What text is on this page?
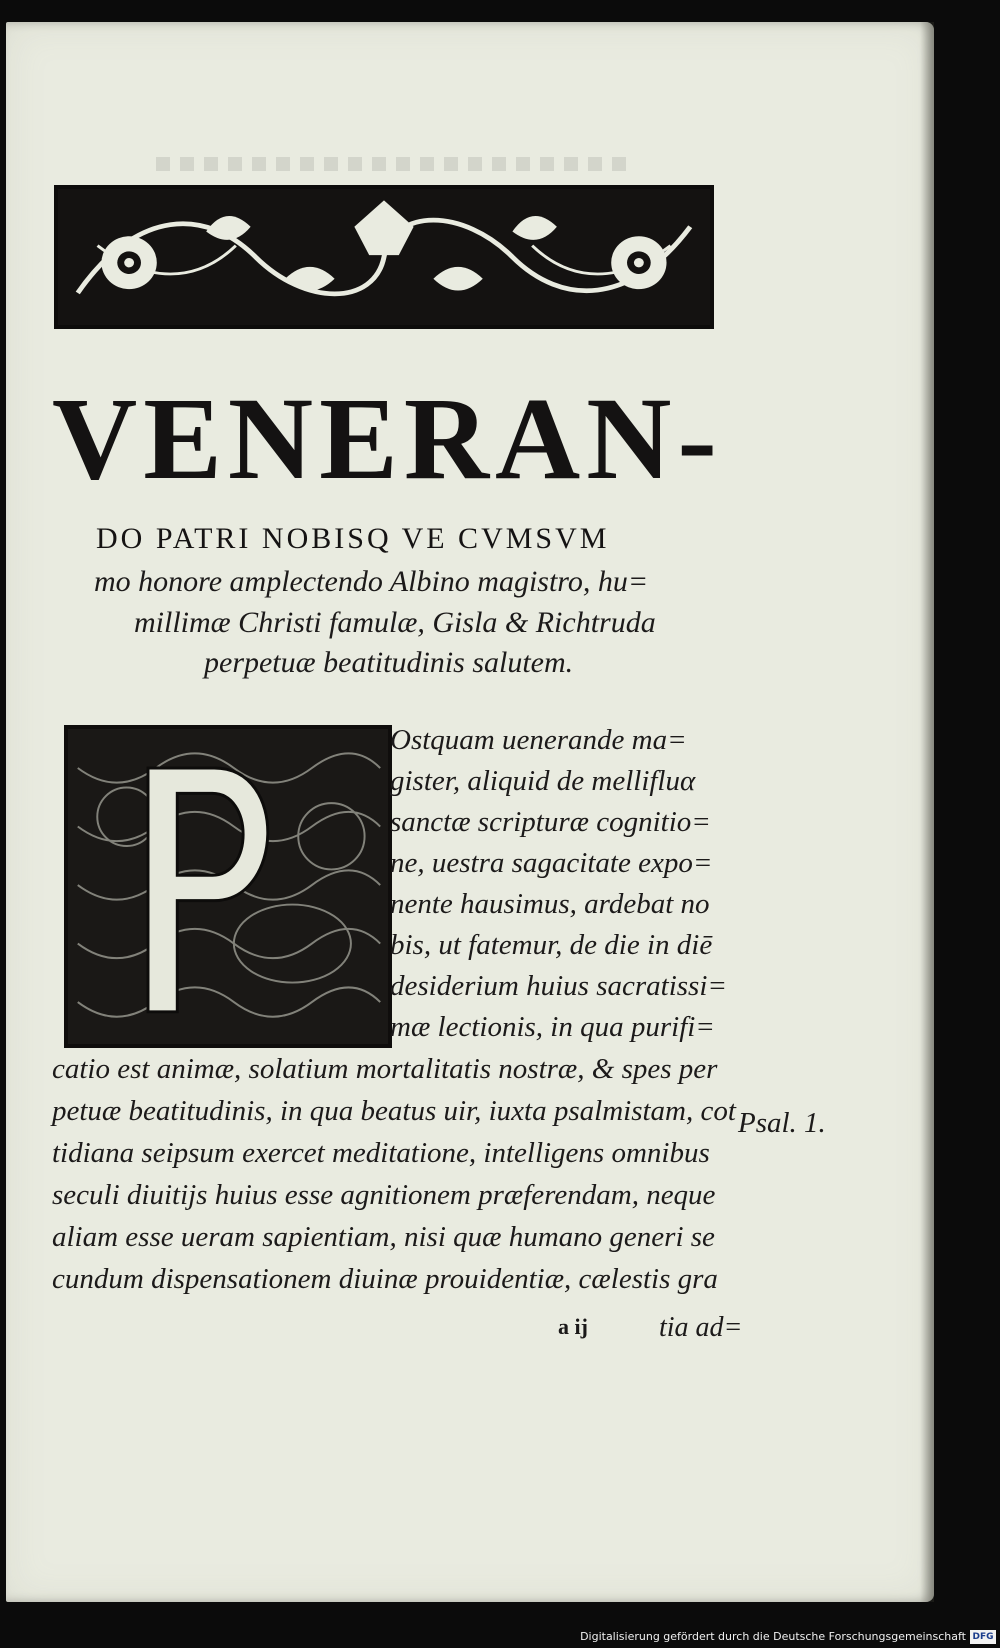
VENERAN-

DO PATRI NOBISQ VE CVMSVM

mo honore amplectendo Albino magistro, hu=

millimæ Christi famulæ, Gisla & Richtruda

perpetuæ beatitudinis salutem.

Ostquam uenerande ma=

gister, aliquid de mellifluα

sanctæ scripturæ cognitio=

ne, uestra sagacitate expo=

nente hausimus, ardebat no

bis, ut fatemur, de die in diē

desiderium huius sacratissi=

mæ lectionis, in qua purifi=

catio est animæ, solatium mortalitatis nostræ, & spes per

petuæ beatitudinis, in qua beatus uir, iuxta psalmistam, cot

tidiana seipsum exercet meditatione, intelligens omnibus

seculi diuitijs huius esse agnitionem præferendam, neque

aliam esse ueram sapientiam, nisi quæ humano generi se

cundum dispensationem diuinæ prouidentiæ, cælestis gra

Psal. 1.

a ij	tia ad=

Digitalisierung gefördert durch die Deutsche Forschungsgemeinschaft DFG
